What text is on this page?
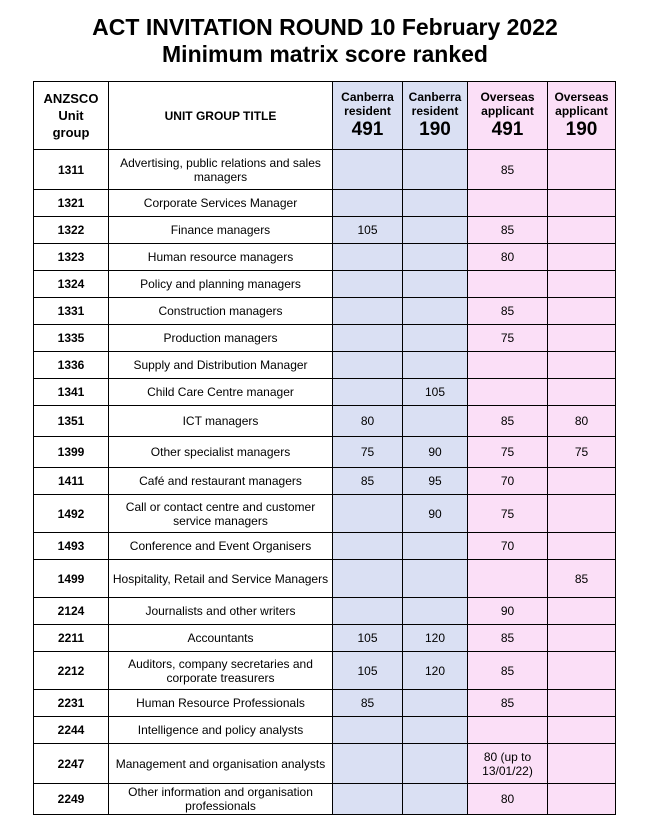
ACT INVITATION ROUND 10 February 2022
Minimum matrix score ranked
ANZSCO
Unit
group	UNIT GROUP TITLE	Canberra
resident
491	Canberra
resident
190	Overseas
applicant
491	Overseas
applicant
190

1311	Advertising, public relations and sales managers			85	
1321	Corporate Services Manager				
1322	Finance managers	105		85	
1323	Human resource managers			80	
1324	Policy and planning managers				
1331	Construction managers			85	
1335	Production managers			75	
1336	Supply and Distribution Manager				
1341	Child Care Centre manager		105		
1351	ICT managers	80		85	80
1399	Other specialist managers	75	90	75	75
1411	Café and restaurant managers	85	95	70	
1492	Call or contact centre and customer service managers		90	75	
1493	Conference and Event Organisers			70	
1499	Hospitality, Retail and Service Managers				85
2124	Journalists and other writers			90	
2211	Accountants	105	120	85	
2212	Auditors, company secretaries and corporate treasurers	105	120	85	
2231	Human Resource Professionals	85		85	
2244	Intelligence and policy analysts				
2247	Management and organisation analysts			80 (up to 13/01/22)	
2249	Other information and organisation professionals			80	
